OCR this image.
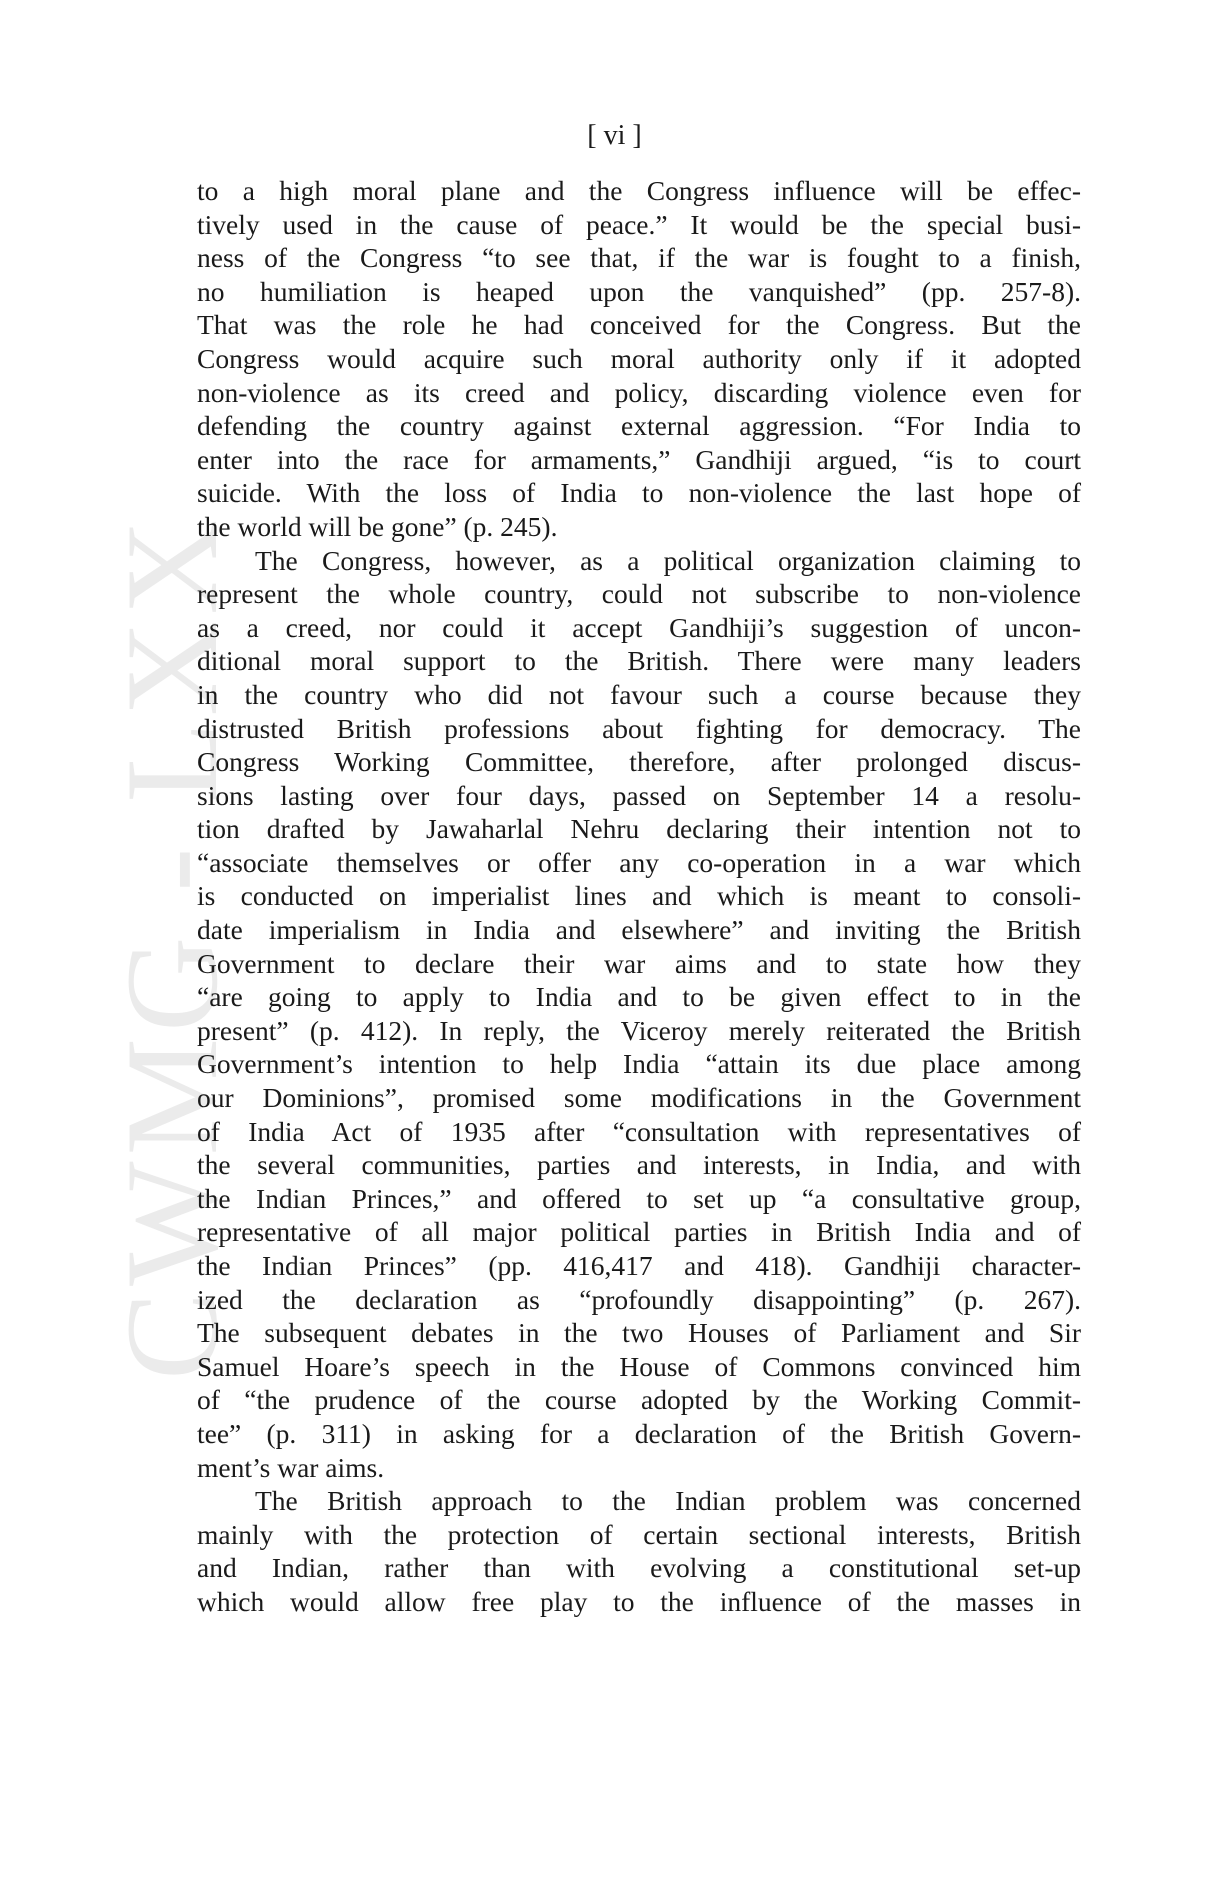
CWMG - LXX
[ vi ]
to a high moral plane and the Congress influence will be effec-
tively used in the cause of peace.” It would be the special busi-
ness of the Congress “to see that, if the war is fought to a finish,
no humiliation is heaped upon the vanquished” (pp. 257-8).
That was the role he had conceived for the Congress. But the
Congress would acquire such moral authority only if it adopted
non-violence as its creed and policy, discarding violence even for
defending the country against external aggression. “For India to
enter into the race for armaments,” Gandhiji argued, “is to court
suicide. With the loss of India to non-violence the last hope of
the world will be gone” (p. 245).
The Congress, however, as a political organization claiming to
represent the whole country, could not subscribe to non-violence
as a creed, nor could it accept Gandhiji’s suggestion of uncon-
ditional moral support to the British. There were many leaders
in the country who did not favour such a course because they
distrusted British professions about fighting for democracy. The
Congress Working Committee, therefore, after prolonged discus-
sions lasting over four days, passed on September 14 a resolu-
tion drafted by Jawaharlal Nehru declaring their intention not to
“associate themselves or offer any co-operation in a war which
is conducted on imperialist lines and which is meant to consoli-
date imperialism in India and elsewhere” and inviting the British
Government to declare their war aims and to state how they
“are going to apply to India and to be given effect to in the
present” (p. 412). In reply, the Viceroy merely reiterated the British
Government’s intention to help India “attain its due place among
our Dominions”, promised some modifications in the Government
of India Act of 1935 after “consultation with representatives of
the several communities, parties and interests, in India, and with
the Indian Princes,” and offered to set up “a consultative group,
representative of all major political parties in British India and of
the Indian Princes” (pp. 416,417 and 418). Gandhiji character-
ized the declaration as “profoundly disappointing” (p. 267).
The subsequent debates in the two Houses of Parliament and Sir
Samuel Hoare’s speech in the House of Commons convinced him
of “the prudence of the course adopted by the Working Commit-
tee” (p. 311) in asking for a declaration of the British Govern-
ment’s war aims.
The British approach to the Indian problem was concerned
mainly with the protection of certain sectional interests, British
and Indian, rather than with evolving a constitutional set-up
which would allow free play to the influence of the masses in
